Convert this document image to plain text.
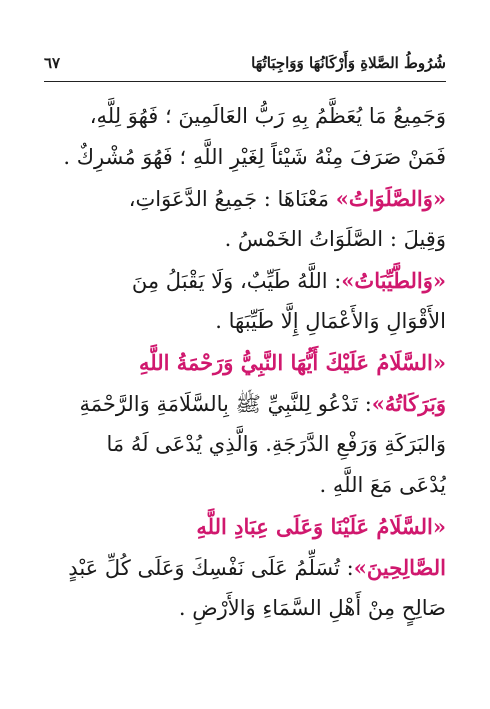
شُرُوطُ الصَّلاةِ وَأَرْكَانُهَا وَوَاجِبَاتُهَا
٦٧
وَجَمِيعُ مَا يُعَظَّمُ بِهِ رَبُّ العَالَمِينَ ؛ فَهُوَ لِلَّهِ،
فَمَنْ صَرَفَ مِنْهُ شَيْئاً لِغَيْرِ اللَّهِ ؛ فَهُوَ مُشْرِكٌ .
«وَالصَّلَوَاتُ» مَعْنَاهَا : جَمِيعُ الدَّعَوَاتِ،
وَقِيلَ : الصَّلَوَاتُ الخَمْسُ .
«وَالطَّيِّبَاتُ»: اللَّهُ طَيِّبٌ، وَلَا يَقْبَلُ مِنَ
الأَقْوَالِ وَالأَعْمَالِ إِلَّا طَيِّبَهَا .
«السَّلَامُ عَلَيْكَ أَيُّهَا النَّبِيُّ وَرَحْمَةُ اللَّهِ
وَبَرَكَاتُهُ»: تَدْعُو لِلنَّبِيِّ ﷺ بِالسَّلَامَةِ وَالرَّحْمَةِ
وَالبَرَكَةِ وَرَفْعِ الدَّرَجَةِ. وَالَّذِي يُدْعَى لَهُ مَا
يُدْعَى مَعَ اللَّهِ .
«السَّلَامُ عَلَيْنَا وَعَلَى عِبَادِ اللَّهِ
الصَّالِحِينَ»: تُسَلِّمُ عَلَى نَفْسِكَ وَعَلَى كُلِّ عَبْدٍ
صَالِحٍ مِنْ أَهْلِ السَّمَاءِ وَالأَرْضِ .
